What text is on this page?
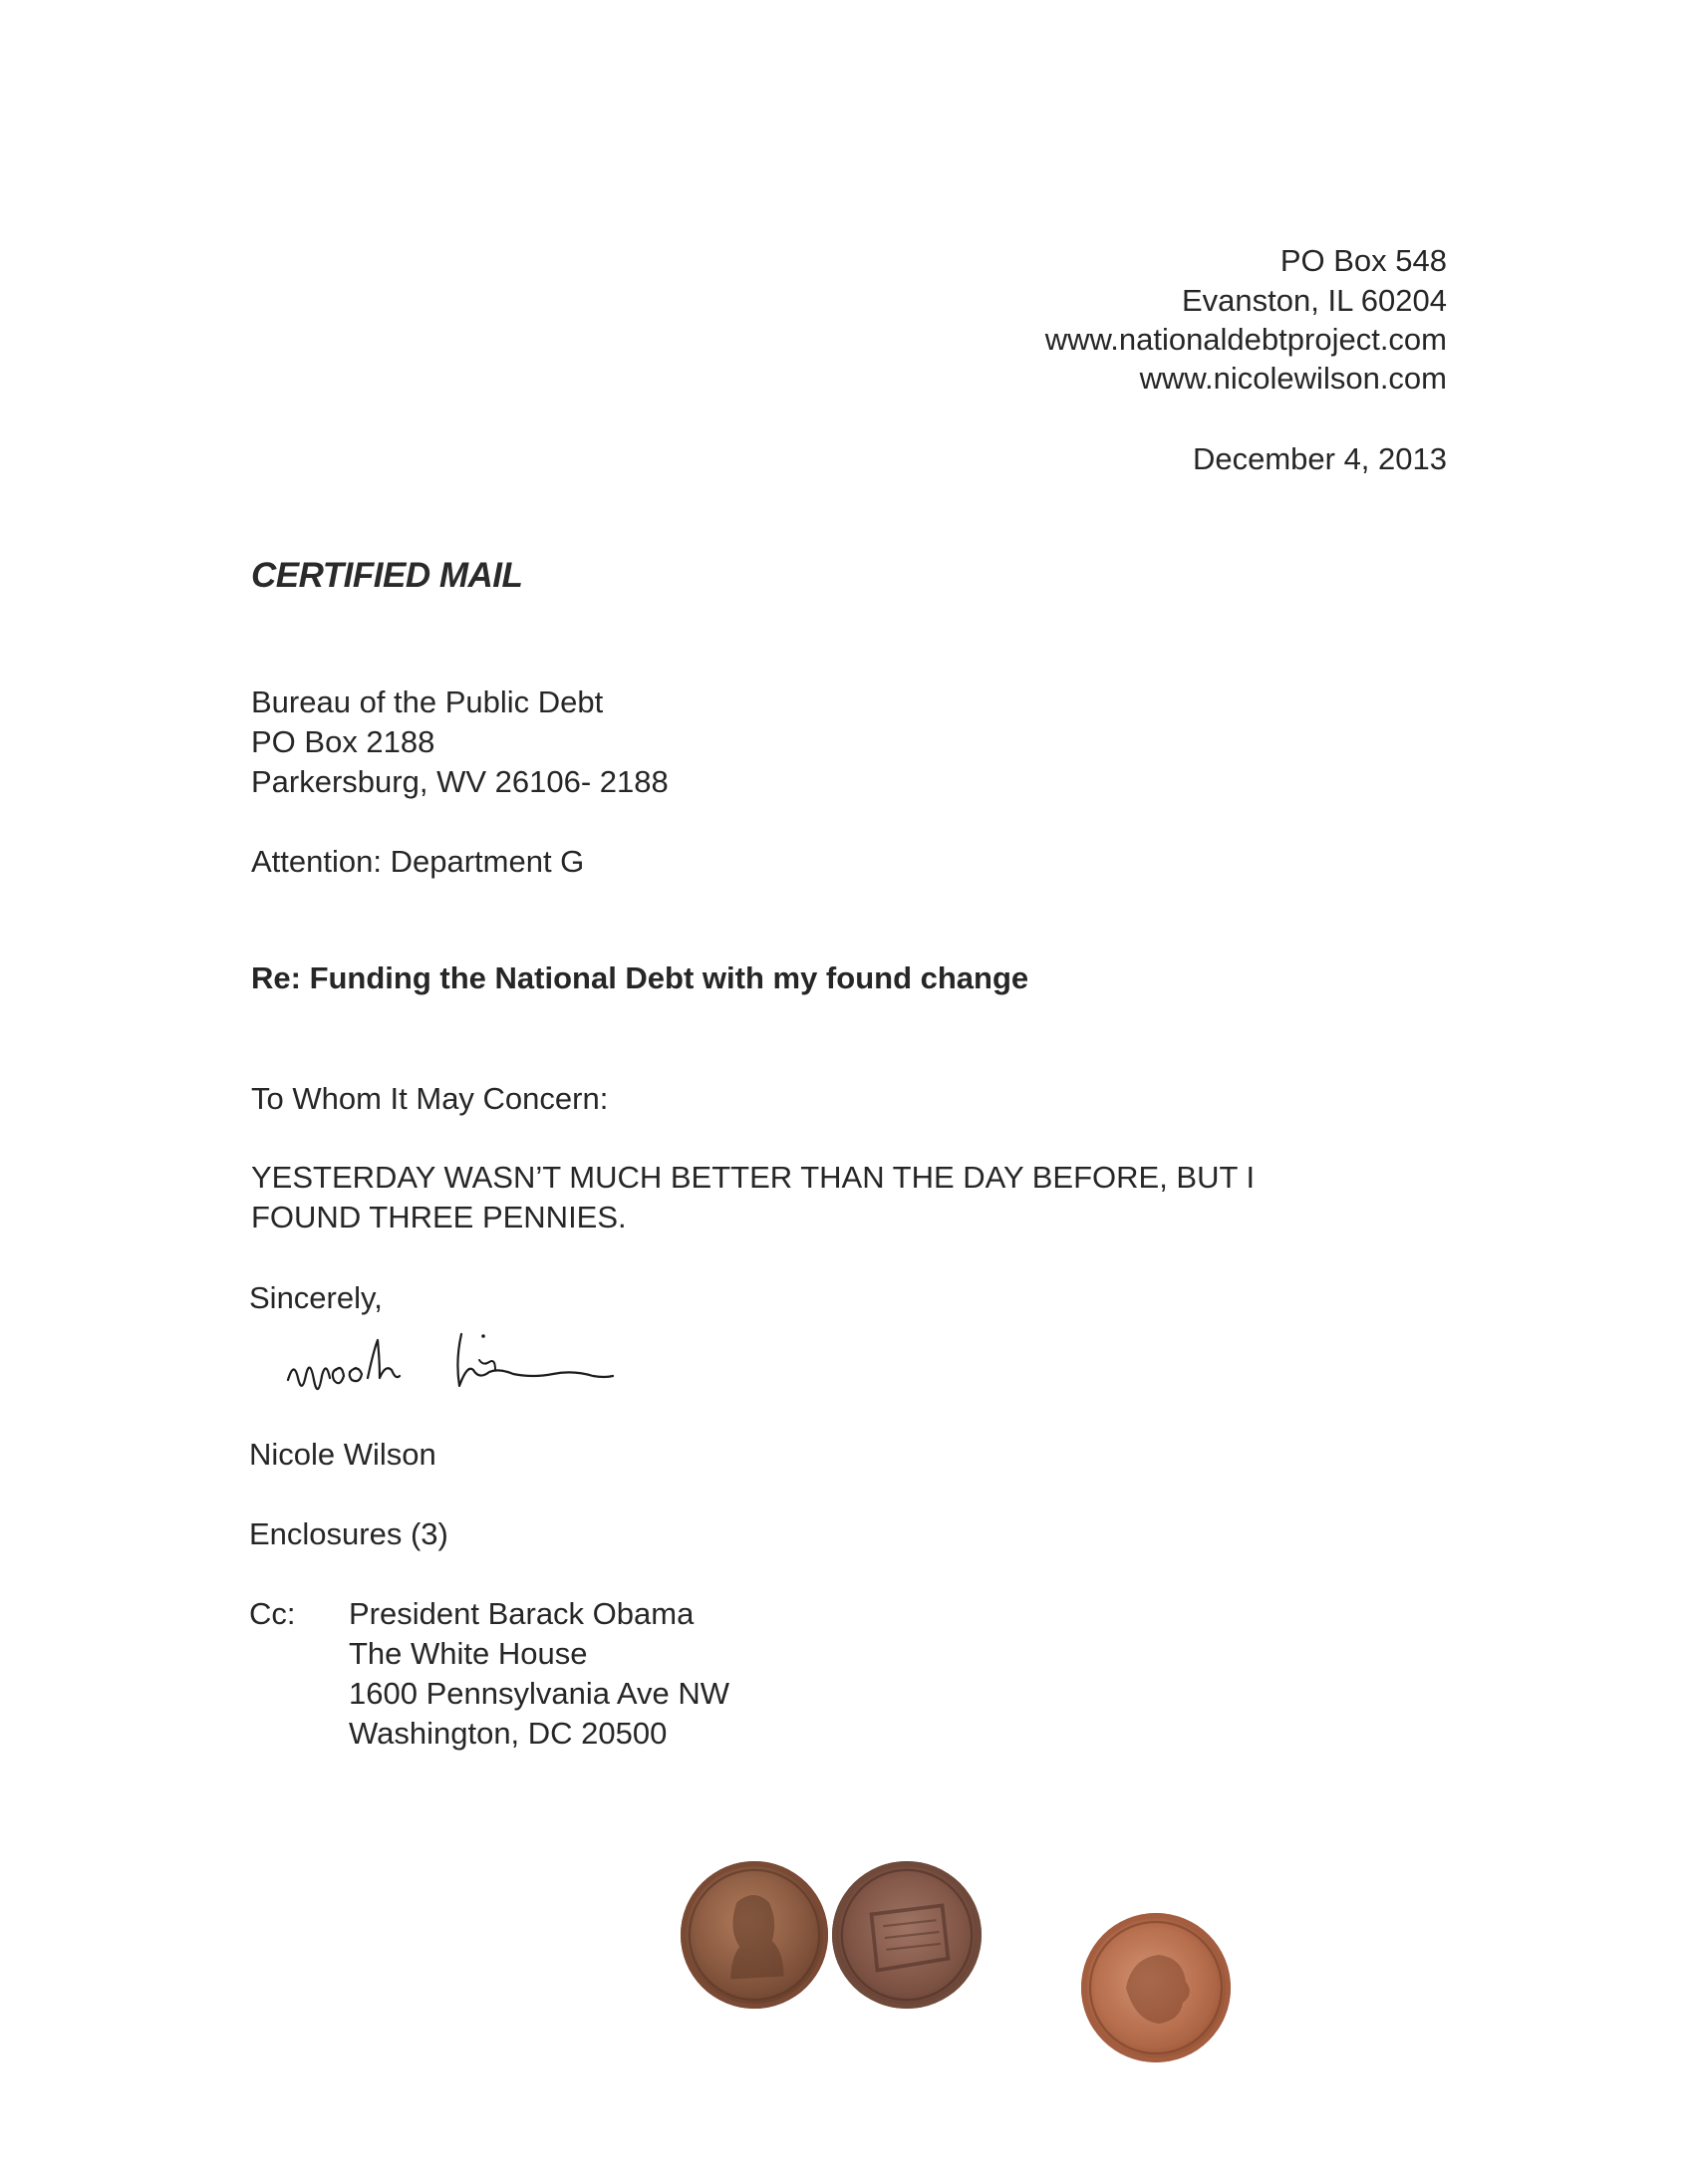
PO Box 548
Evanston, IL 60204
www.nationaldebtproject.com
www.nicolewilson.com
December 4, 2013
CERTIFIED MAIL
Bureau of the Public Debt
PO Box 2188
Parkersburg, WV 26106- 2188
Attention: Department G
Re: Funding the National Debt with my found change
To Whom It May Concern:
YESTERDAY WASN’T MUCH BETTER THAN THE DAY BEFORE, BUT I
FOUND THREE PENNIES.
Sincerely,
Nicole Wilson
Enclosures (3)
Cc: President Barack Obama
The White House
1600 Pennsylvania Ave NW
Washington, DC 20500
